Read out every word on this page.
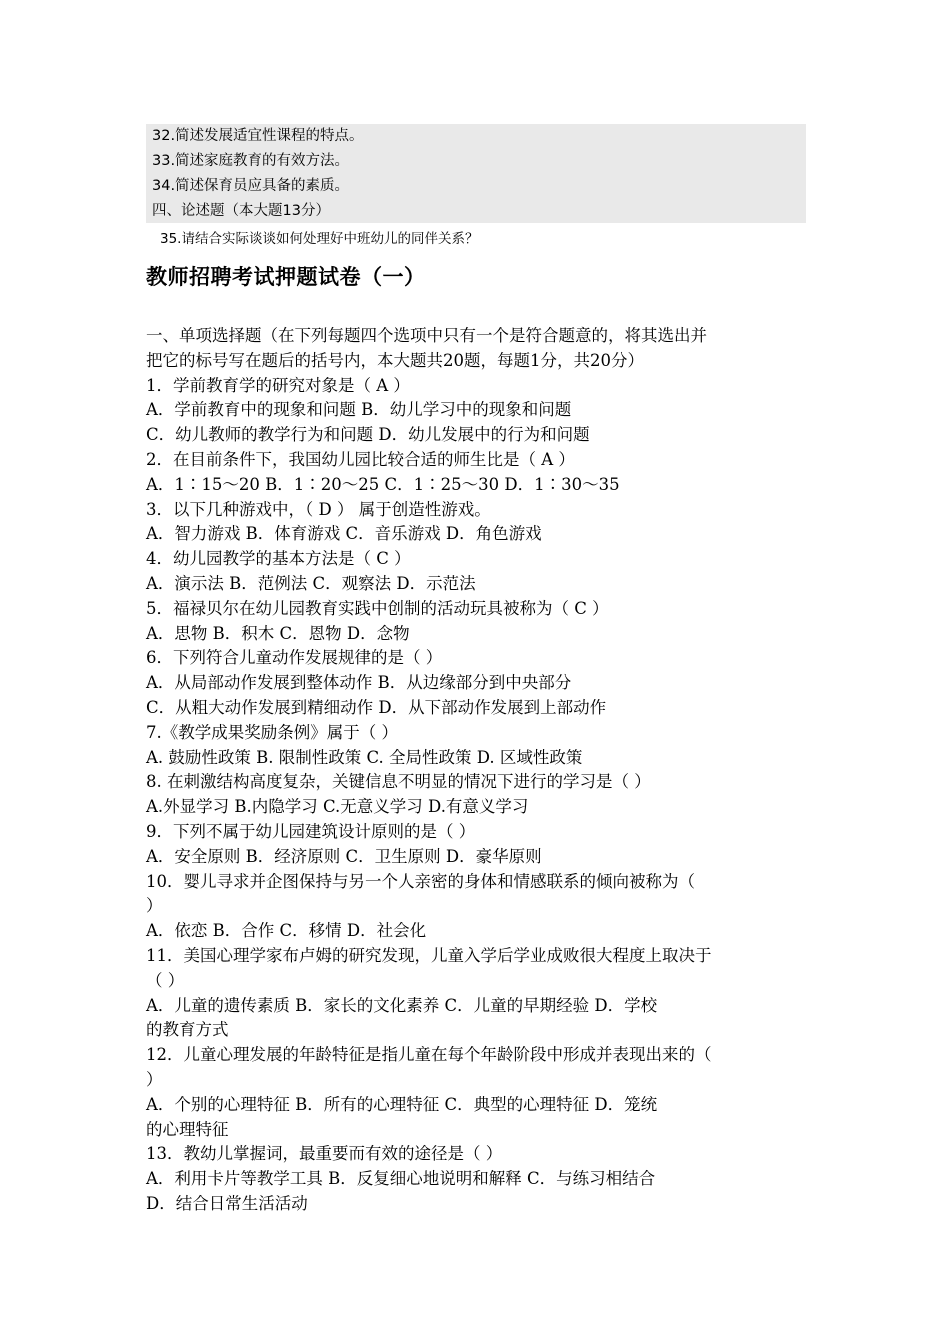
32.简述发展适宜性课程的特点。
33.简述家庭教育的有效方法。
34.简述保育员应具备的素质。
四、论述题（本大题13分）
35.请结合实际谈谈如何处理好中班幼儿的同伴关系？
教师招聘考试押题试卷（一）
一、单项选择题（在下列每题四个选项中只有一个是符合题意的，将其选出并
把它的标号写在题后的括号内，本大题共20题，每题1分，共20分）
1．学前教育学的研究对象是（ A ）
A．学前教育中的现象和问题 B．幼儿学习中的现象和问题
C．幼儿教师的教学行为和问题 D．幼儿发展中的行为和问题
2．在目前条件下，我国幼儿园比较合适的师生比是（ A ）
A．1∶15～20 B．1∶20～25 C．1∶25～30 D．1∶30～35
3．以下几种游戏中，（ D ） 属于创造性游戏。
A．智力游戏 B．体育游戏 C．音乐游戏 D．角色游戏
4．幼儿园教学的基本方法是（ C ）
A．演示法 B．范例法 C．观察法 D．示范法
5．福禄贝尔在幼儿园教育实践中创制的活动玩具被称为（ C ）
A．思物 B．积木 C．恩物 D．念物
6．下列符合儿童动作发展规律的是（ ）
A．从局部动作发展到整体动作 B．从边缘部分到中央部分
C．从粗大动作发展到精细动作 D．从下部动作发展到上部动作
7.《教学成果奖励条例》属于（ ）
A. 鼓励性政策 B. 限制性政策 C. 全局性政策 D. 区域性政策
8. 在刺激结构高度复杂，关键信息不明显的情况下进行的学习是（ ）
A.外显学习 B.内隐学习 C.无意义学习 D.有意义学习
9．下列不属于幼儿园建筑设计原则的是（ ）
A．安全原则 B．经济原则 C．卫生原则 D．豪华原则
10．婴儿寻求并企图保持与另一个人亲密的身体和情感联系的倾向被称为（
）
A．依恋 B．合作 C．移情 D．社会化
11．美国心理学家布卢姆的研究发现，儿童入学后学业成败很大程度上取决于
（ ）
A．儿童的遗传素质 B．家长的文化素养 C．儿童的早期经验 D．学校
的教育方式
12．儿童心理发展的年龄特征是指儿童在每个年龄阶段中形成并表现出来的（
）
A．个别的心理特征 B．所有的心理特征 C．典型的心理特征 D．笼统
的心理特征
13．教幼儿掌握词，最重要而有效的途径是（ ）
A．利用卡片等教学工具 B．反复细心地说明和解释 C．与练习相结合
D．结合日常生活活动
